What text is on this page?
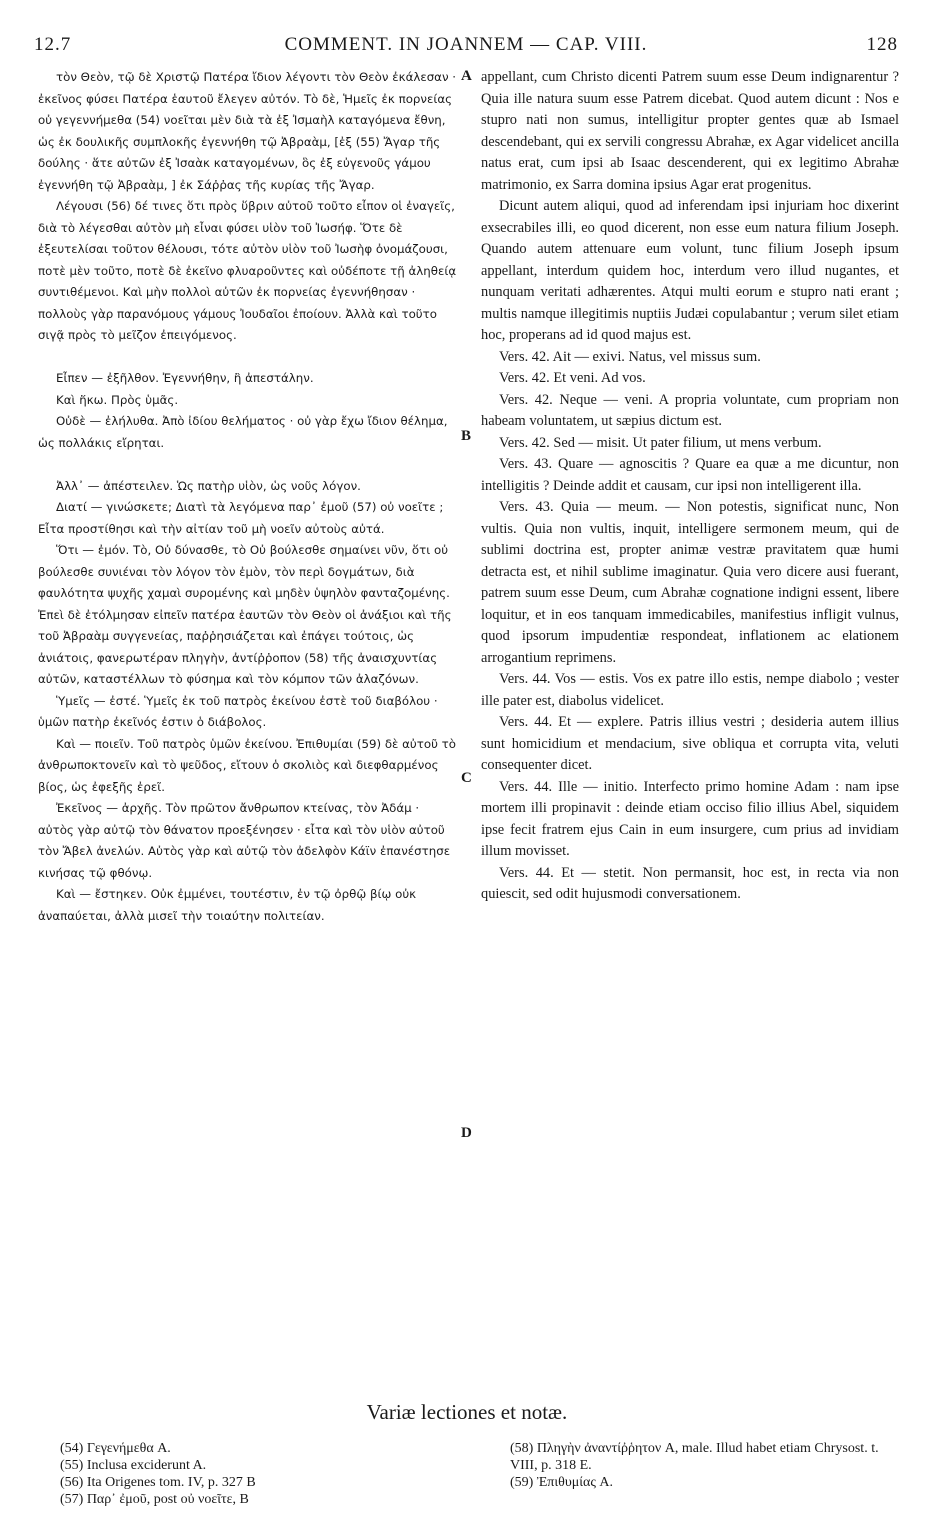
12.7	COMMENT. IN JOANNEM — CAP. VIII.	128

τὸν Θεὸν, τῷ δὲ Χριστῷ Πατέρα ἴδιον λέγοντι τὸν Θεὸν ἐκάλεσαν · ἐκεῖνος φύσει Πατέρα ἑαυτοῦ ἔλεγεν αὐτόν. Τὸ δὲ, Ἡμεῖς ἐκ πορνείας οὐ γεγεννήμεθα (54) νοεῖται μὲν διὰ τὰ ἐξ Ἰσμαὴλ καταγόμενα ἔθνη, ὡς ἐκ δουλικῆς συμπλοκῆς ἐγεννήθη τῷ Ἀβραὰμ, [ἐξ (55) Ἄγαρ τῆς δούλης · ἅτε αὐτῶν ἐξ Ἰσαὰκ καταγομένων, ὃς ἐξ εὐγενοῦς γάμου ἐγεννήθη τῷ Ἀβραὰμ, ] ἐκ Σάῤῥας τῆς κυρίας τῆς Ἄγαρ.

Λέγουσι (56) δέ τινες ὅτι πρὸς ὕβριν αὐτοῦ τοῦτο εἶπον οἱ ἐναγεῖς, διὰ τὸ λέγεσθαι αὐτὸν μὴ εἶναι φύσει υἱὸν τοῦ Ἰωσήφ. Ὅτε δὲ ἐξευτελίσαι τοῦτον θέλουσι, τότε αὐτὸν υἱὸν τοῦ Ἰωσὴφ ὀνομάζουσι, ποτὲ μὲν τοῦτο, ποτὲ δὲ ἐκεῖνο φλυαροῦντες καὶ οὐδέποτε τῇ ἀληθείᾳ συντιθέμενοι. Καὶ μὴν πολλοὶ αὐτῶν ἐκ πορνείας ἐγεννήθησαν · πολλοὺς γὰρ παρανόμους γάμους Ἰουδαῖοι ἐποίουν. Ἀλλὰ καὶ τοῦτο σιγᾷ πρὸς τὸ μεῖζον ἐπειγόμενος.

Εἶπεν — ἐξῆλθον. Ἐγεννήθην, ἢ ἀπεστάλην.

Καὶ ἥκω. Πρὸς ὑμᾶς.

Οὐδὲ — ἐλήλυθα. Ἀπὸ ἰδίου θελήματος · οὐ γὰρ ἔχω ἴδιον θέλημα, ὡς πολλάκις εἴρηται.

Ἀλλ᾽ — ἀπέστειλεν. Ὡς πατὴρ υἱὸν, ὡς νοῦς λόγον.

Διατί — γινώσκετε; Διατὶ τὰ λεγόμενα παρ᾽ ἐμοῦ (57) οὐ νοεῖτε ; Εἶτα προστίθησι καὶ τὴν αἰτίαν τοῦ μὴ νοεῖν αὐτοὺς αὐτά.

Ὅτι — ἐμόν. Τὸ, Οὐ δύνασθε, τὸ Οὐ βούλεσθε σημαίνει νῦν, ὅτι οὐ βούλεσθε συνιέναι τὸν λόγον τὸν ἐμὸν, τὸν περὶ δογμάτων, διὰ φαυλότητα ψυχῆς χαμαὶ συρομένης καὶ μηδὲν ὑψηλὸν φανταζομένης. Ἐπεὶ δὲ ἐτόλμησαν εἰπεῖν πατέρα ἑαυτῶν τὸν Θεὸν οἱ ἀνάξιοι καὶ τῆς τοῦ Ἀβραὰμ συγγενείας, παῤῥησιάζεται καὶ ἐπάγει τούτοις, ὡς ἀνιάτοις, φανερωτέραν πληγὴν, ἀντίῤῥοπον (58) τῆς ἀναισχυντίας αὐτῶν, καταστέλλων τὸ φύσημα καὶ τὸν κόμπον τῶν ἀλαζόνων.

Ὑμεῖς — ἐστέ. Ὑμεῖς ἐκ τοῦ πατρὸς ἐκείνου ἐστὲ τοῦ διαβόλου · ὑμῶν πατὴρ ἐκεῖνός ἐστιν ὁ διάβολος.

Καὶ — ποιεῖν. Τοῦ πατρὸς ὑμῶν ἐκείνου. Ἐπιθυμίαι (59) δὲ αὐτοῦ τὸ ἀνθρωποκτονεῖν καὶ τὸ ψεῦδος, εἴτουν ὁ σκολιὸς καὶ διεφθαρμένος βίος, ὡς ἐφεξῆς ἐρεῖ.

Ἐκεῖνος — ἀρχῆς. Τὸν πρῶτον ἄνθρωπον κτείνας, τὸν Ἀδάμ · αὐτὸς γὰρ αὐτῷ τὸν θάνατον προεξένησεν · εἶτα καὶ τὸν υἱὸν αὐτοῦ τὸν Ἄβελ ἀνελών. Αὐτὸς γὰρ καὶ αὐτῷ τὸν ἀδελφὸν Κάϊν ἐπανέστησε κινήσας τῷ φθόνῳ.

Καὶ — ἔστηκεν. Οὐκ ἐμμένει, τουτέστιν, ἐν τῷ ὀρθῷ βίῳ οὐκ ἀναπαύεται, ἀλλὰ μισεῖ τὴν τοιαύτην πολιτείαν.

A
B
C
D

appellant, cum Christo dicenti Patrem suum esse Deum indignarentur ? Quia ille natura suum esse Patrem dicebat. Quod autem dicunt : Nos e stupro nati non sumus, intelligitur propter gentes quæ ab Ismael descendebant, qui ex servili congressu Abrahæ, ex Agar videlicet ancilla natus erat, cum ipsi ab Isaac descenderent, qui ex legitimo Abrahæ matrimonio, ex Sarra domina ipsius Agar erat progenitus.

Dicunt autem aliqui, quod ad inferendam ipsi injuriam hoc dixerint exsecrabiles illi, eo quod dicerent, non esse eum natura filium Joseph. Quando autem attenuare eum volunt, tunc filium Joseph ipsum appellant, interdum quidem hoc, interdum vero illud nugantes, et nunquam veritati adhærentes. Atqui multi eorum e stupro nati erant ; multis namque illegitimis nuptiis Judæi copulabantur ; verum silet etiam hoc, properans ad id quod majus est.

Vers. 42. Ait — exivi. Natus, vel missus sum.

Vers. 42. Et veni. Ad vos.

Vers. 42. Neque — veni. A propria voluntate, cum propriam non habeam voluntatem, ut sæpius dictum est.

Vers. 42. Sed — misit. Ut pater filium, ut mens verbum.

Vers. 43. Quare — agnoscitis ? Quare ea quæ a me dicuntur, non intelligitis ? Deinde addit et causam, cur ipsi non intelligerent illa.

Vers. 43. Quia — meum. — Non potestis, significat nunc, Non vultis. Quia non vultis, inquit, intelligere sermonem meum, qui de sublimi doctrina est, propter animæ vestræ pravitatem quæ humi detracta est, et nihil sublime imaginatur. Quia vero dicere ausi fuerant, patrem suum esse Deum, cum Abrahæ cognatione indigni essent, libere loquitur, et in eos tanquam immedicabiles, manifestius infligit vulnus, quod ipsorum impudentiæ respondeat, inflationem ac elationem arrogantium reprimens.

Vers. 44. Vos — estis. Vos ex patre illo estis, nempe diabolo ; vester ille pater est, diabolus videlicet.

Vers. 44. Et — explere. Patris illius vestri ; desideria autem illius sunt homicidium et mendacium, sive obliqua et corrupta vita, veluti consequenter dicet.

Vers. 44. Ille — initio. Interfecto primo homine Adam : nam ipse mortem illi propinavit : deinde etiam occiso filio illius Abel, siquidem ipse fecit fratrem ejus Cain in eum insurgere, cum prius ad invidiam illum movisset.

Vers. 44. Et — stetit. Non permansit, hoc est, in recta via non quiescit, sed odit hujusmodi conversationem.

Variæ lectiones et notæ.

(54) Γεγενήμεθα A.

(55) Inclusa exciderunt A.

(56) Ita Origenes tom. IV, p. 327 B

(57) Παρ᾽ ἐμοῦ, post οὐ νοεῖτε, B

(58) Πληγὴν ἀναντίῤῥητον A, male. Illud habet etiam Chrysost. t. VIII, p. 318 E.

(59) Ἐπιθυμίας A.
